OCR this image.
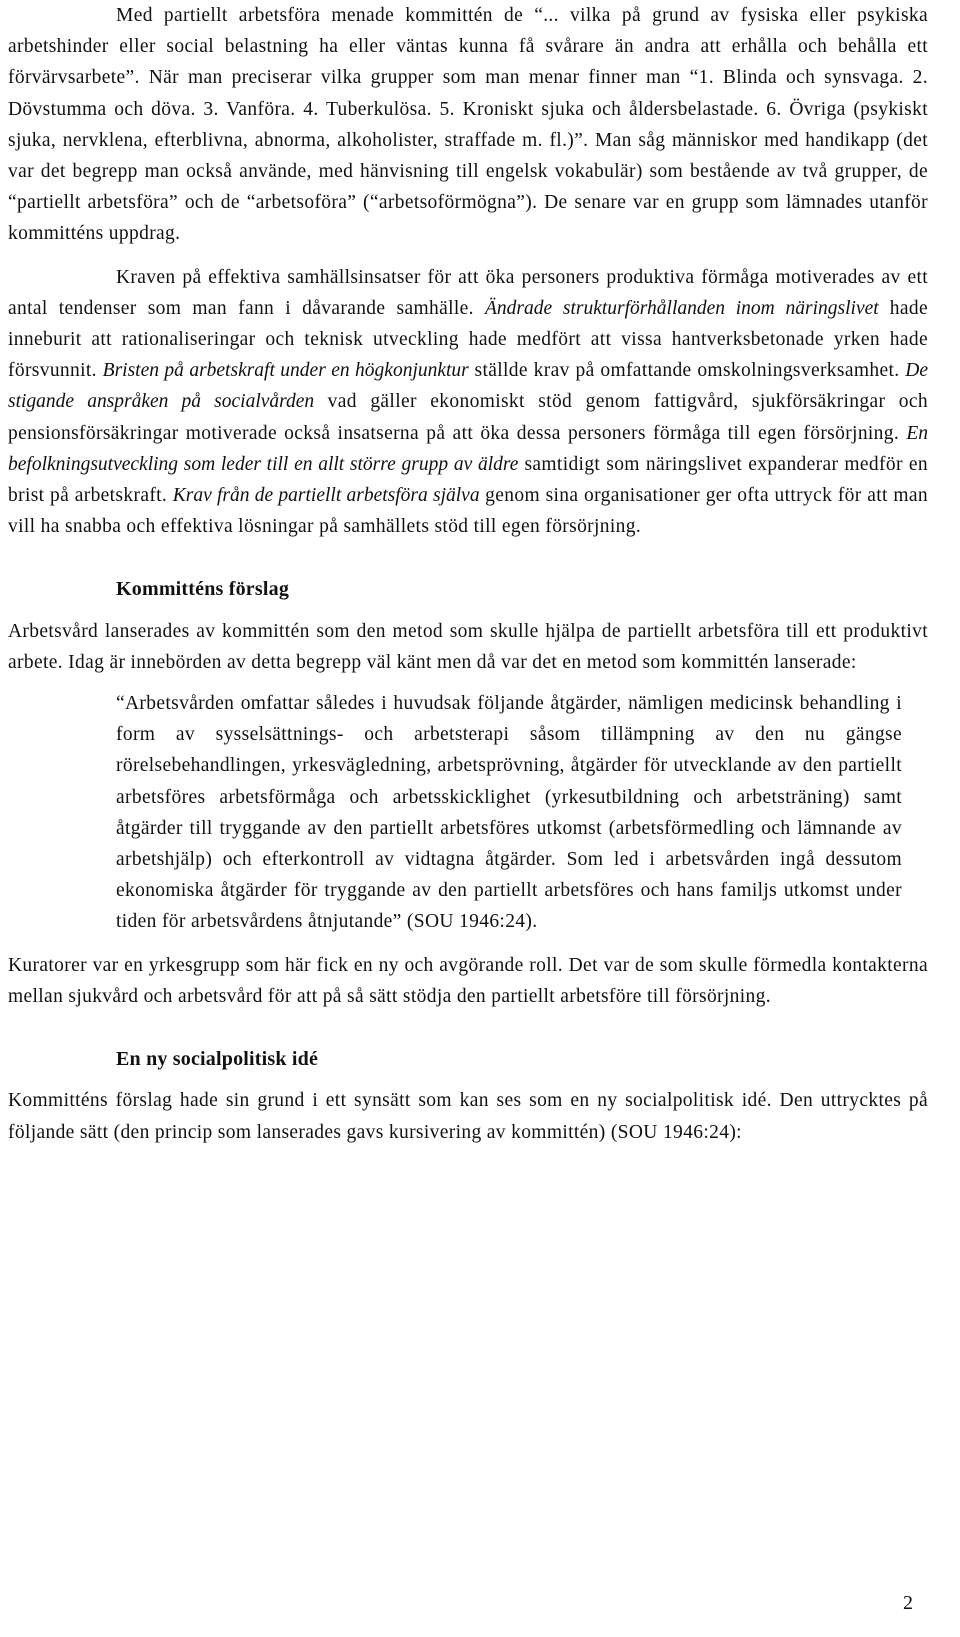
Med partiellt arbetsföra menade kommittén de “... vilka på grund av fysiska eller psykiska arbetshinder eller social belastning ha eller väntas kunna få svårare än andra att erhålla och behålla ett förvärvsarbete”. När man preciserar vilka grupper som man menar finner man “1. Blinda och synsvaga. 2. Dövstumma och döva. 3. Vanföra. 4. Tuberkulösa. 5. Kroniskt sjuka och åldersbelastade. 6. Övriga (psykiskt sjuka, nervklena, efterblivna, abnorma, alkoholister, straffade m. fl.)”. Man såg människor med handikapp (det var det begrepp man också använde, med hänvisning till engelsk vokabulär) som bestående av två grupper, de “partiellt arbetsföra” och de “arbetsoföra” (“arbetsoförmögna”). De senare var en grupp som lämnades utanför kommitténs uppdrag.

Kraven på effektiva samhällsinsatser för att öka personers produktiva förmåga motiverades av ett antal tendenser som man fann i dåvarande samhälle. Ändrade strukturförhållanden inom näringslivet hade inneburit att rationaliseringar och teknisk utveckling hade medfört att vissa hantverksbetonade yrken hade försvunnit. Bristen på arbetskraft under en högkonjunktur ställde krav på omfattande omskolningsverksamhet. De stigande anspråken på socialvården vad gäller ekonomiskt stöd genom fattigvård, sjukförsäkringar och pensionsförsäkringar motiverade också insatserna på att öka dessa personers förmåga till egen försörjning. En befolkningsutveckling som leder till en allt större grupp av äldre samtidigt som näringslivet expanderar medför en brist på arbetskraft. Krav från de partiellt arbetsföra själva genom sina organisationer ger ofta uttryck för att man vill ha snabba och effektiva lösningar på samhällets stöd till egen försörjning.

Kommitténs förslag

Arbetsvård lanserades av kommittén som den metod som skulle hjälpa de partiellt arbetsföra till ett produktivt arbete. Idag är innebörden av detta begrepp väl känt men då var det en metod som kommittén lanserade:

“Arbetsvården omfattar således i huvudsak följande åtgärder, nämligen medicinsk behandling i form av sysselsättnings- och arbetsterapi såsom tillämpning av den nu gängse rörelsebehandlingen, yrkesvägledning, arbetsprövning, åtgärder för utvecklande av den partiellt arbetsföres arbetsförmåga och arbetsskicklighet (yrkesutbildning och arbetsträning) samt åtgärder till tryggande av den partiellt arbetsföres utkomst (arbetsförmedling och lämnande av arbetshjälp) och efterkontroll av vidtagna åtgärder. Som led i arbetsvården ingå dessutom ekonomiska åtgärder för tryggande av den partiellt arbetsföres och hans familjs utkomst under tiden för arbetsvårdens åtnjutande” (SOU 1946:24).

Kuratorer var en yrkesgrupp som här fick en ny och avgörande roll. Det var de som skulle förmedla kontakterna mellan sjukvård och arbetsvård för att på så sätt stödja den partiellt arbetsföre till försörjning.

En ny socialpolitisk idé

Kommitténs förslag hade sin grund i ett synsätt som kan ses som en ny socialpolitisk idé. Den uttrycktes på följande sätt (den princip som lanserades gavs kursivering av kommittén) (SOU 1946:24):

2
